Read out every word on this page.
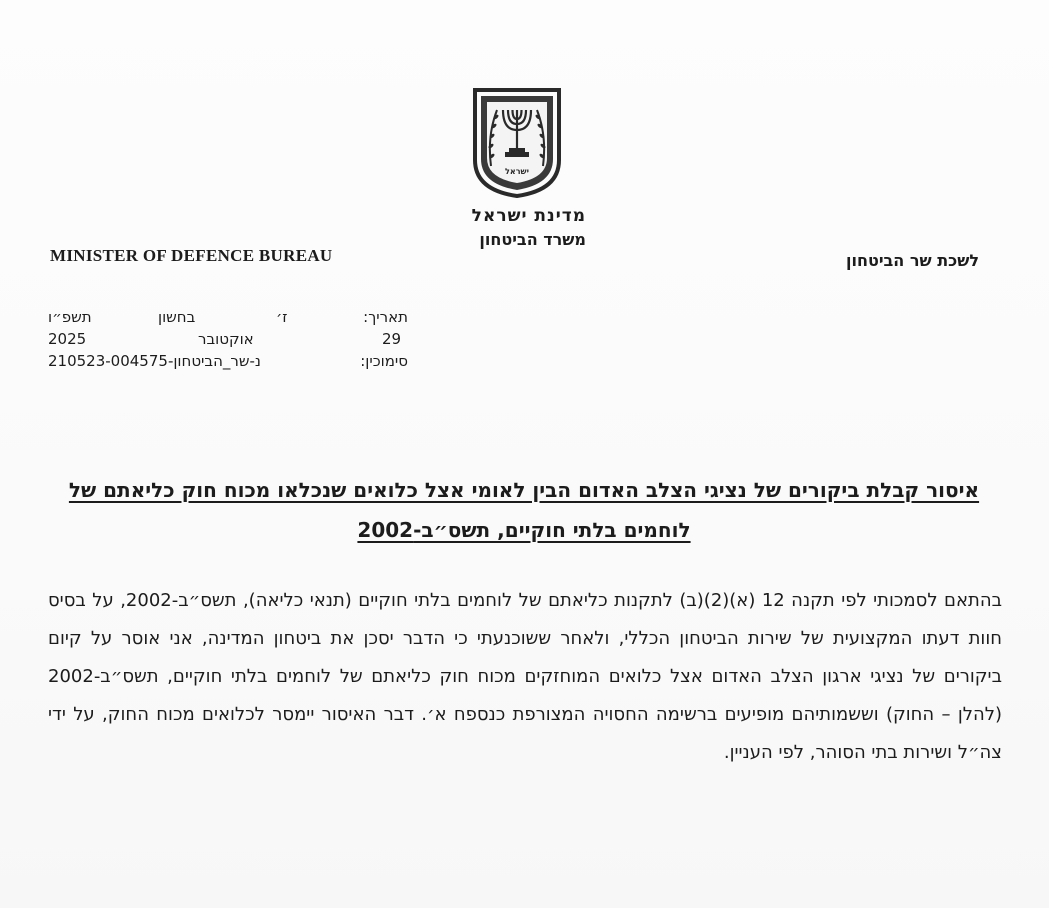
ישראל
מדינת ישראל
משרד הביטחון
MINISTER OF DEFENCE BUREAU	לשכת שר הביטחון
תאריך:
ז׳
בחשון
תשפ״ו
29
אוקטובר
2025
סימוכין:
נ-שר_הביטחון-210523-004575
איסור קבלת ביקורים של נציגי הצלב האדום הבין לאומי אצל כלואים שנכלאו מכוח חוק כליאתם של לוחמים בלתי חוקיים, תשס״ב-2002
בהתאם לסמכותי לפי תקנה 12 (א)(2)(ב) לתקנות כליאתם של לוחמים בלתי חוקיים (תנאי כליאה), תשס״ב-2002, על בסיס חוות דעתו המקצועית של שירות הביטחון הכללי, ולאחר ששוכנעתי כי הדבר יסכן את ביטחון המדינה, אני אוסר על קיום ביקורים של נציגי ארגון הצלב האדום אצל כלואים המוחזקים מכוח חוק כליאתם של לוחמים בלתי חוקיים, תשס״ב-2002 (להלן – החוק) וששמותיהם מופיעים ברשימה החסויה המצורפת כנספח א׳. דבר האיסור יימסר לכלואים מכוח החוק, על ידי צה״ל ושירות בתי הסוהר, לפי העניין.
